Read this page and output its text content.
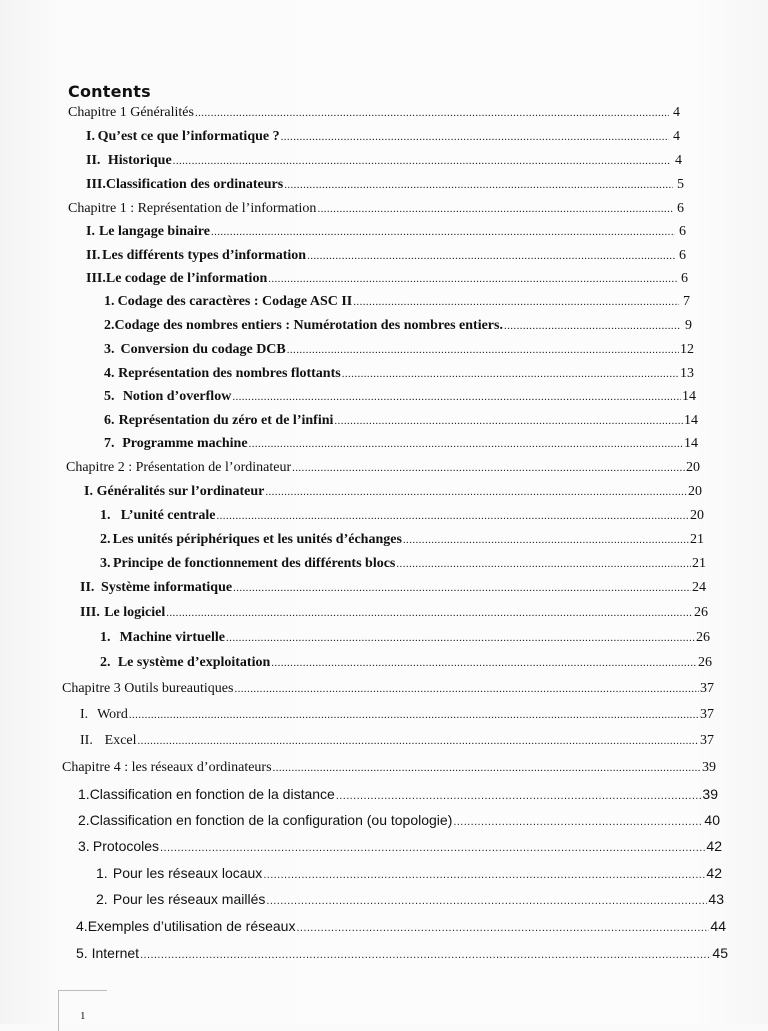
Contents
Chapitre 1 Généralités .....	4
I. Qu’est ce que l’informatique ? .....	4
II. Historique .....	4
III. Classification des ordinateurs .....	5
Chapitre 1 : Représentation de l’information .....	6
I. Le langage binaire .....	6
II. Les différents types d’information .....	6
III. Le codage de l’information .....	6
1. Codage des caractères : Codage ASC II .....	7
2. Codage des nombres entiers : Numérotation des nombres entiers. .....	9
3. Conversion du codage DCB .....	12
4. Représentation des nombres flottants .....	13
5. Notion d’overflow .....	14
6. Représentation du zéro et de l’infini .....	14
7. Programme machine .....	14
Chapitre 2 : Présentation de l’ordinateur .....	20
I. Généralités sur l’ordinateur .....	20
1. L’unité centrale .....	20
2. Les unités périphériques et les unités d’échanges .....	21
3. Principe de fonctionnement des différents blocs .....	21
II. Système informatique .....	24
III. Le logiciel .....	26
1. Machine virtuelle .....	26
2. Le système d’exploitation .....	26
Chapitre 3 Outils bureautiques .....	37
I. Word .....	37
II. Excel .....	37
Chapitre 4 : les réseaux d’ordinateurs .....	39
1. Classification en fonction de la distance .....	39
2. Classification en fonction de la configuration (ou topologie) .....	40
3. Protocoles .....	42
1. Pour les réseaux locaux .....	42
2. Pour les réseaux maillés .....	43
4. Exemples d’utilisation de réseaux .....	44
5. Internet .....	45
1
